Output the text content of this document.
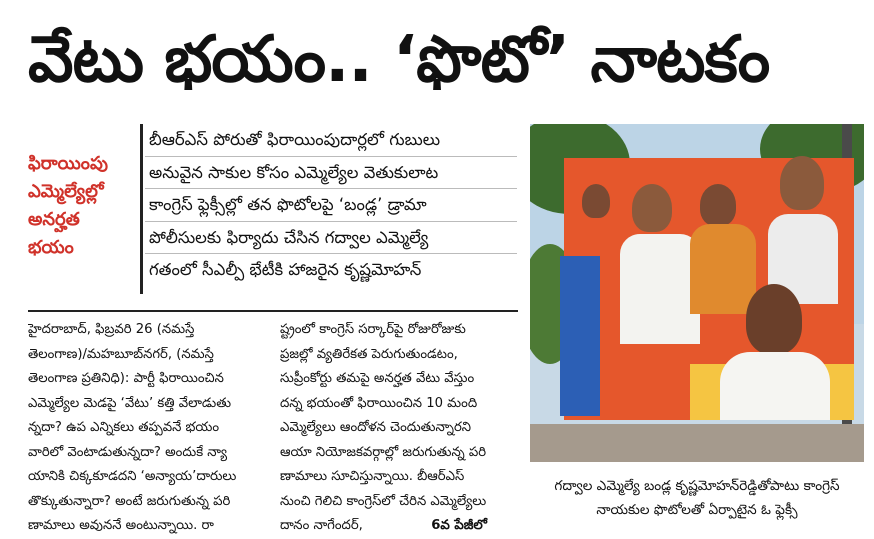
వేటు భయం.. ‘ఫొటో’ నాటకం
ఫిరాయింపు
ఎమ్మెల్యేల్లో
అనర్హత
భయం
బీఆర్‌ఎస్‌ పోరుతో ఫిరాయింపుదార్లలో గుబులు
అనువైన సాకుల కోసం ఎమ్మెల్యేల వెతుకులాట
కాంగ్రెస్‌ ఫ్లెక్సీల్లో తన ఫొటోలపై ‘బండ్ల’ డ్రామా
పోలీసులకు ఫిర్యాదు చేసిన గద్వాల ఎమ్మెల్యే
గతంలో సీఎల్పీ భేటీకి హాజరైన కృష్ణమోహన్‌
హైదరాబాద్‌, ఫిబ్రవరి 26 (నమస్తే
తెలంగాణ)/మహబూబ్‌నగర్‌, (నమస్తే
తెలంగాణ ప్రతినిధి): పార్టీ ఫిరాయించిన
ఎమ్మెల్యేల మెడపై ‘వేటు’ కత్తి వేలాడుతు
న్నదా? ఉప ఎన్నికలు తప్పవనే భయం
వారిలో వెంటాడుతున్నదా? అందుకే న్యా
యానికి చిక్కకూడదని ‘అన్యాయ’దారులు
తొక్కుతున్నారా? అంటే జరుగుతున్న పరి
ణామాలు అవుననే అంటున్నాయి. రా
ష్ట్రంలో కాంగ్రెస్‌ సర్కార్‌పై రోజురోజుకు
ప్రజల్లో వ్యతిరేకత పెరుగుతుండటం,
సుప్రీంకోర్టు తమపై అనర్హత వేటు వేస్తుం
దన్న భయంతో ఫిరాయించిన 10 మంది
ఎమ్మెల్యేలు ఆందోళన చెందుతున్నారని
ఆయా నియోజకవర్గాల్లో జరుగుతున్న పరి
ణామాలు సూచిస్తున్నాయి. బీఆర్‌ఎస్‌
నుంచి గెలిచి కాంగ్రెస్‌లో చేరిన ఎమ్మెల్యేలు
దానం నాగేందర్‌,	6వ పేజీలో
గద్వాల ఎమ్మెల్యే బండ్ల కృష్ణమోహన్‌రెడ్డితోపాటు కాంగ్రెస్‌
నాయకుల ఫొటోలతో ఏర్పాటైన ఓ ఫ్లెక్సీ
